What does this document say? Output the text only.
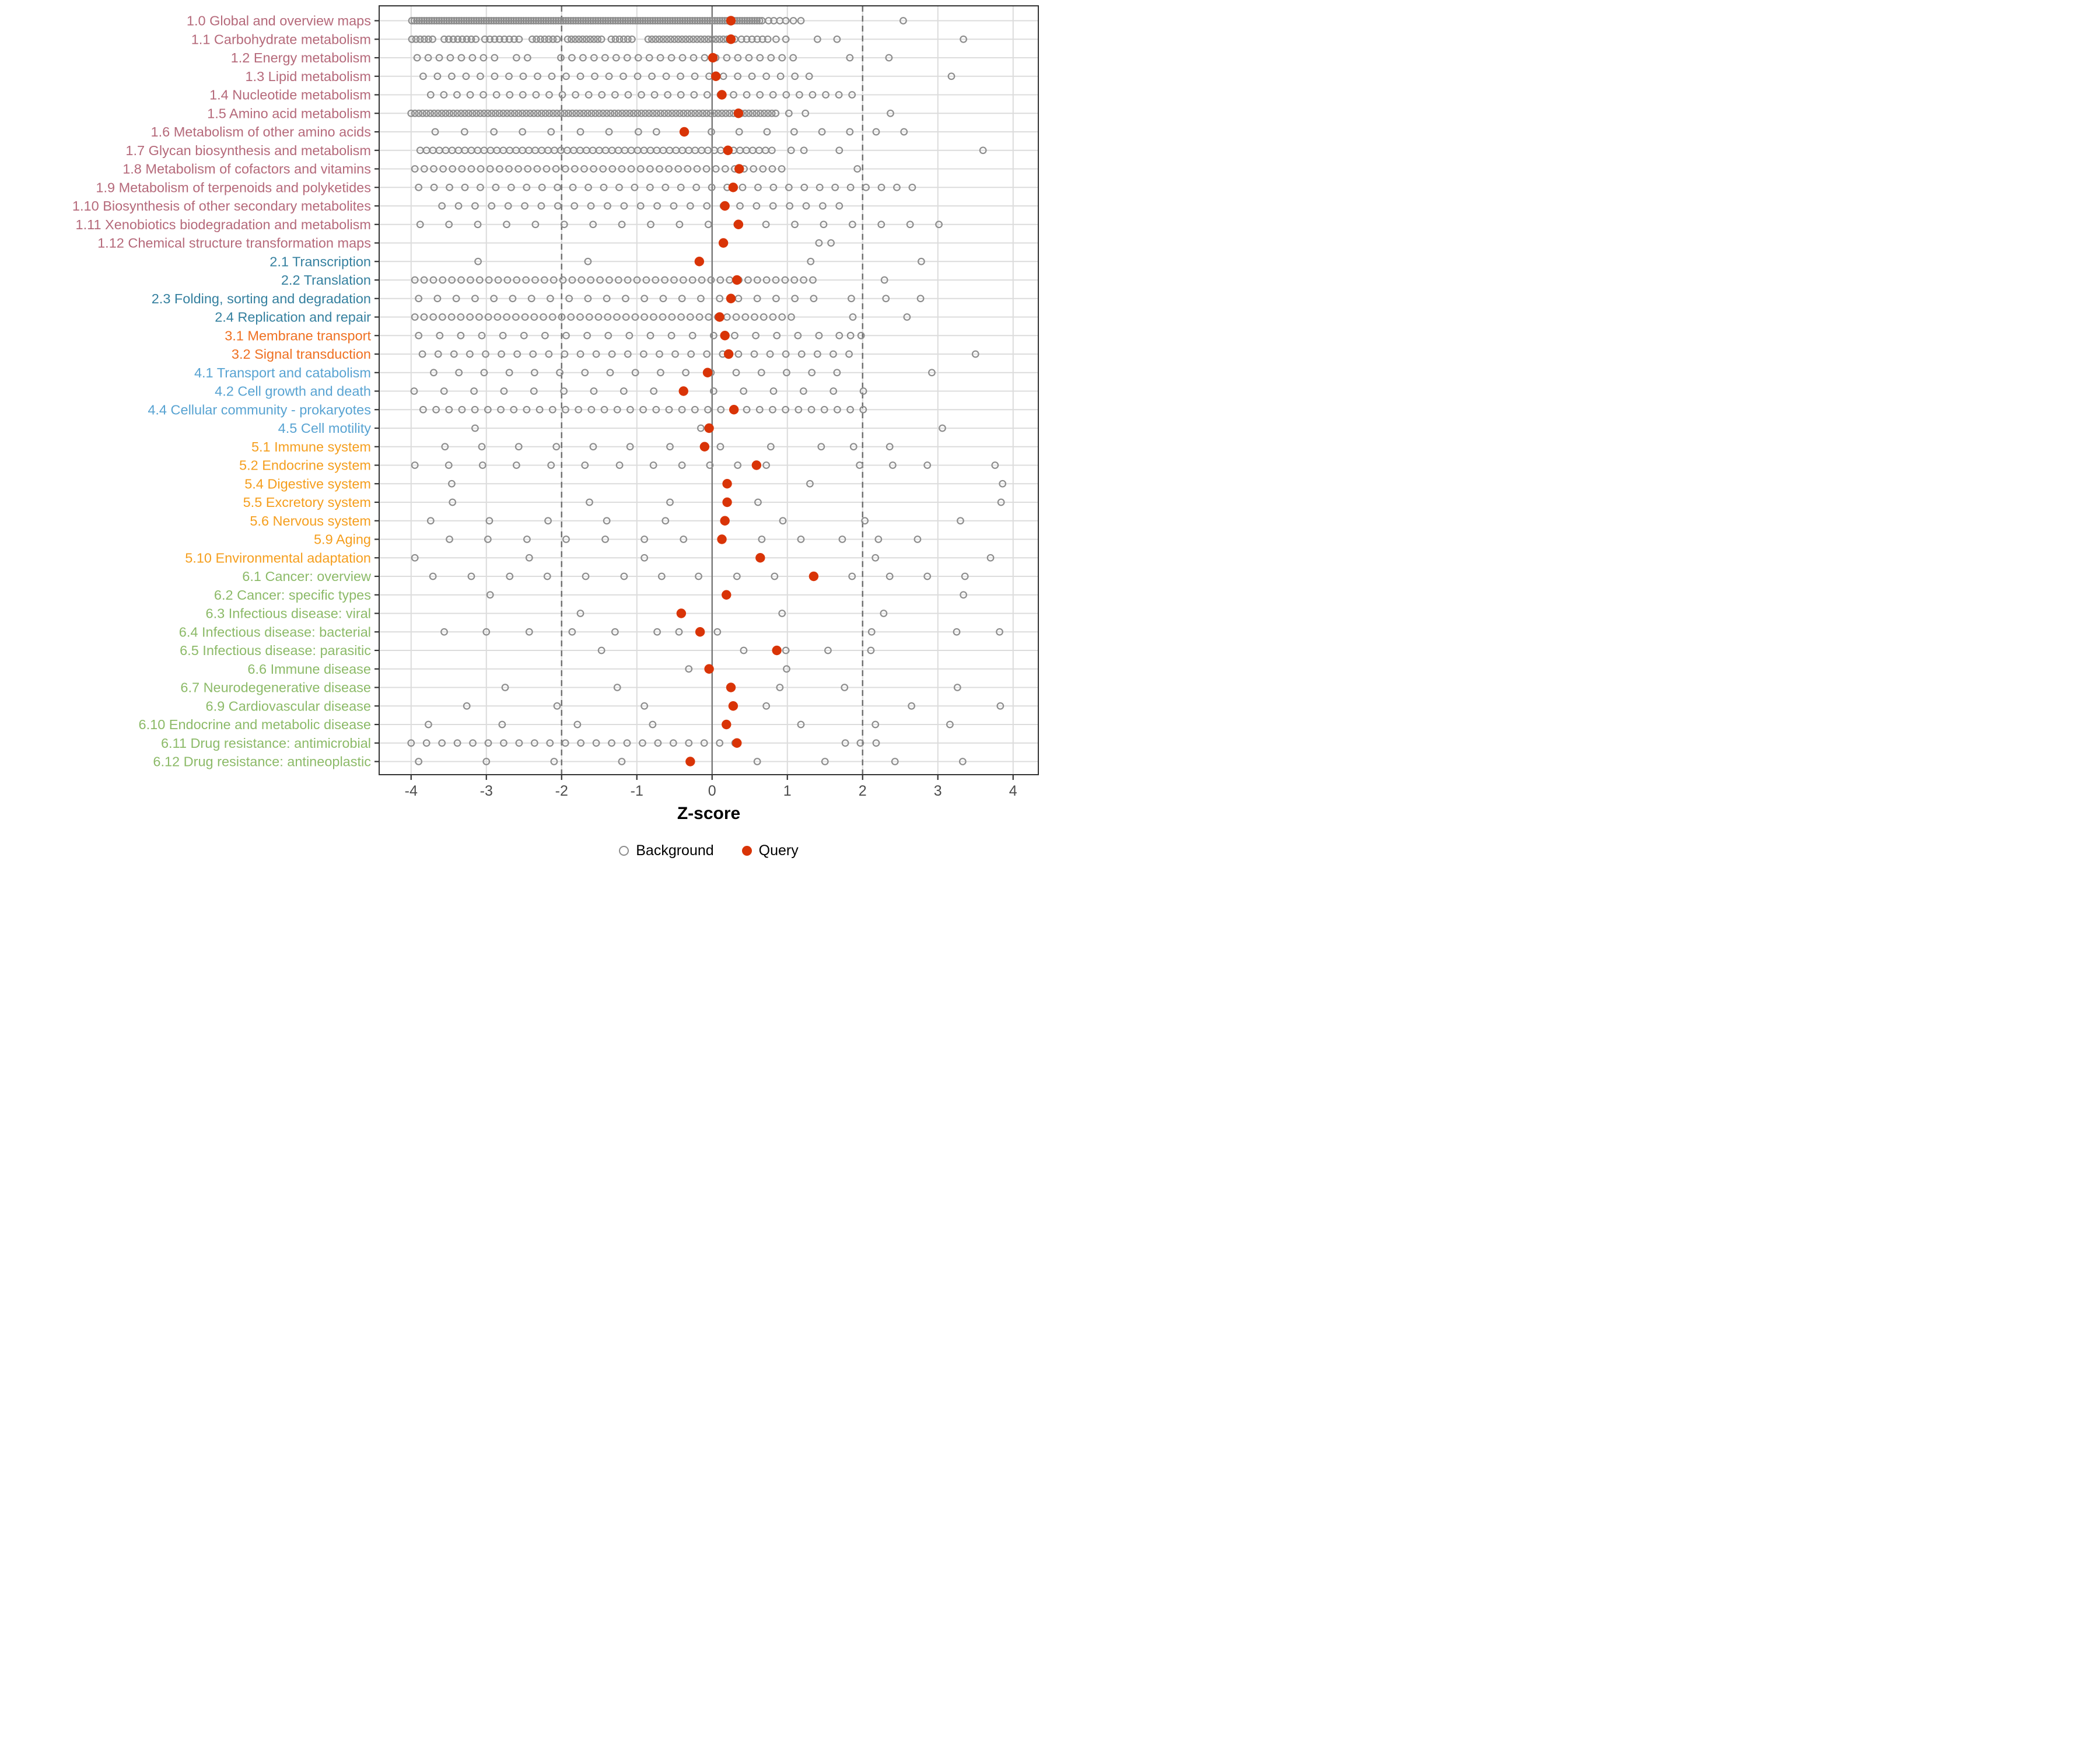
-4	-3	-2	-1	0	1	2	3	4
1.0 Global and overview maps
1.1 Carbohydrate metabolism
1.2 Energy metabolism
1.3 Lipid metabolism
1.4 Nucleotide metabolism
1.5 Amino acid metabolism
1.6 Metabolism of other amino acids
1.7 Glycan biosynthesis and metabolism
1.8 Metabolism of cofactors and vitamins
1.9 Metabolism of terpenoids and polyketides
1.10 Biosynthesis of other secondary metabolites
1.11 Xenobiotics biodegradation and metabolism
1.12 Chemical structure transformation maps
2.1 Transcription
2.2 Translation
2.3 Folding, sorting and degradation
2.4 Replication and repair
3.1 Membrane transport
3.2 Signal transduction
4.1 Transport and catabolism
4.2 Cell growth and death
4.4 Cellular community - prokaryotes
4.5 Cell motility
5.1 Immune system
5.2 Endocrine system
5.4 Digestive system
5.5 Excretory system
5.6 Nervous system
5.9 Aging
5.10 Environmental adaptation
6.1 Cancer: overview
6.2 Cancer: specific types
6.3 Infectious disease: viral
6.4 Infectious disease: bacterial
6.5 Infectious disease: parasitic
6.6 Immune disease
6.7 Neurodegenerative disease
6.9 Cardiovascular disease
6.10 Endocrine and metabolic disease
6.11 Drug resistance: antimicrobial
6.12 Drug resistance: antineoplastic
Z-score
Background	Query
